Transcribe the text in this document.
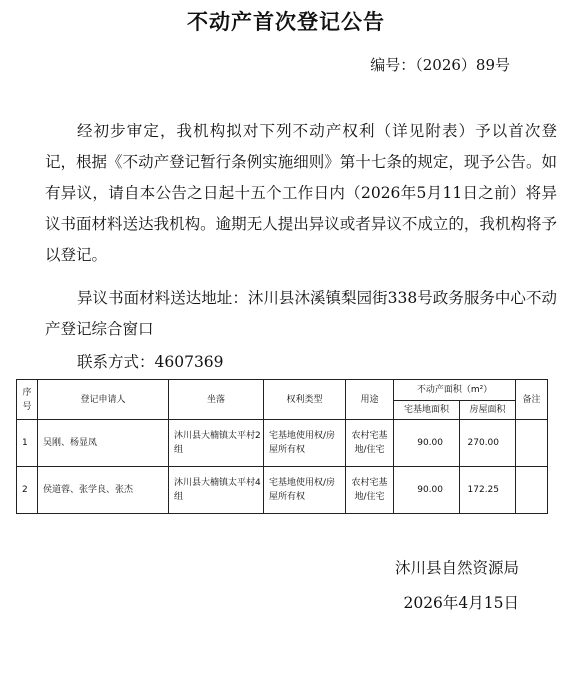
不动产首次登记公告
编号：（2026）89号
经初步审定，我机构拟对下列不动产权利（详见附表）予以首次登记，根据《不动产登记暂行条例实施细则》第十七条的规定，现予公告。如有异议，请自本公告之日起十五个工作日内（2026年5月11日之前）将异议书面材料送达我机构。逾期无人提出异议或者异议不成立的，我机构将予以登记。
异议书面材料送达地址：沐川县沐溪镇梨园街338号政务服务中心不动产登记综合窗口
联系方式：4607369
序号	登记申请人	坐落	权利类型	用途	不动产面积（m²）		备注
					宅基地面积	房屋面积	
1	吴刚、杨显凤	沐川县大楠镇太平村2组	宅基地使用权/房屋所有权	农村宅基地/住宅	90.00	270.00	
2	侯道蓉、张学良、张杰	沐川县大楠镇太平村4组	宅基地使用权/房屋所有权	农村宅基地/住宅	90.00	172.25	
沐川县自然资源局
2026年4月15日
